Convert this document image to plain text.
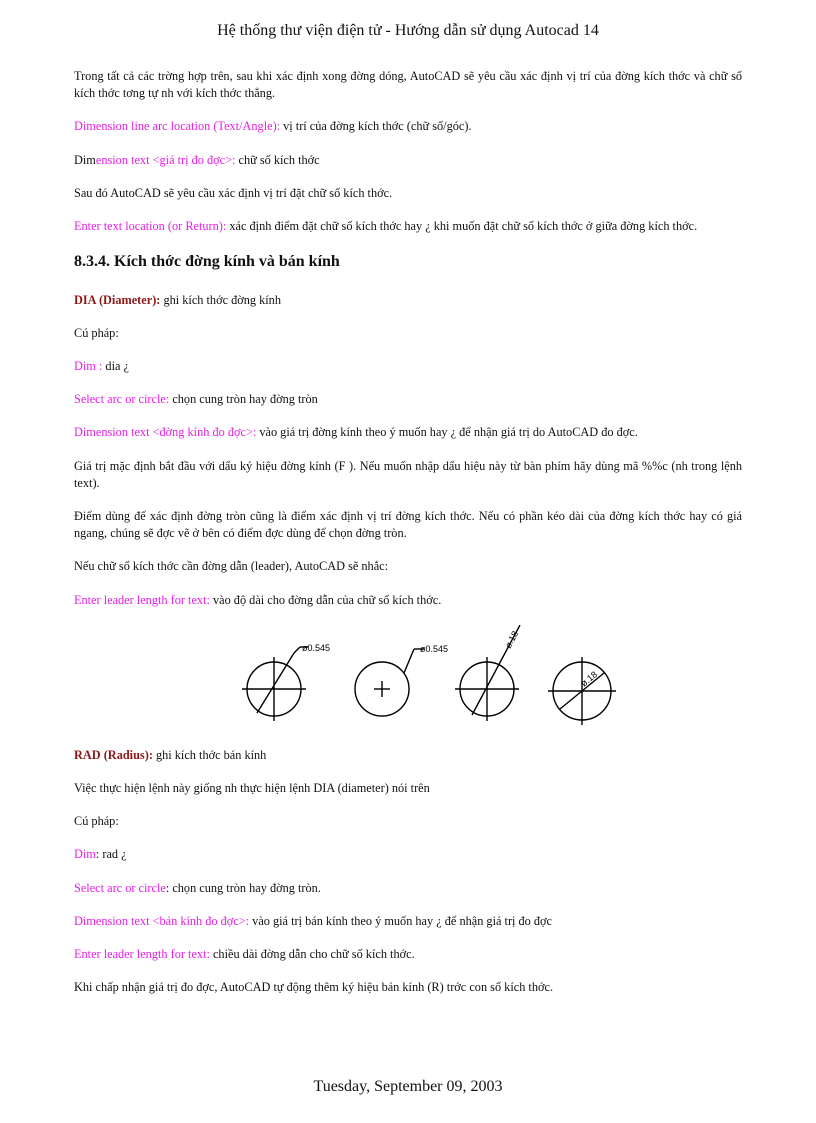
Hệ thống thư viện điện tử - Hướng dẫn sử dụng Autocad 14

Trong tất cả các trờng hợp trên, sau khi xác định xong đờng dóng, AutoCAD sẽ yêu cầu xác định vị trí của đờng kích thớc và chữ số kích thớc tơng tự nh với kích thớc thẳng.

Dimension line arc location (Text/Angle): vị trí của đờng kích thớc (chữ số/góc).

Dimension text <giá trị đo đợc>: chữ số kích thớc

Sau đó AutoCAD sẽ yêu cầu xác định vị trí đặt chữ số kích thớc.

Enter text location (or Return): xác định điểm đặt chữ số kích thớc hay ¿ khi muốn đặt chữ số kích thớc ở giữa đờng kích thớc.

8.3.4. Kích thớc đờng kính và bán kính

DIA (Diameter): ghi kích thớc đờng kính

Cú pháp:

Dim : dia ¿

Select arc or circle: chọn cung tròn hay đờng tròn

Dimension text <đờng kính đo đợc>: vào giá trị đờng kính theo ý muốn hay ¿ để nhận giá trị do AutoCAD đo đợc.

Giá trị mặc định bắt đầu với dấu ký hiệu đờng kính (F ). Nếu muốn nhập dấu hiệu này từ bàn phím hãy dùng mã %%c (nh trong lệnh text).

Điểm dùng để xác định đờng tròn cũng là điểm xác định vị trí đờng kích thớc. Nếu có phần kéo dài của đờng kích thớc hay có giá ngang, chúng sẽ đợc vẽ ở bên có điểm đợc dùng để chọn đờng tròn.

Nếu chữ số kích thớc cần đờng dẫn (leader), AutoCAD sẽ nhắc:

Enter leader length for text: vào độ dài cho đờng dẫn của chữ số kích thớc.

ø0.545	ø0.545	ø.18
ø.18

RAD (Radius): ghi kích thớc bán kính

Việc thực hiện lệnh này giống nh thực hiện lệnh DIA (diameter) nói trên

Cú pháp:

Dim: rad ¿

Select arc or circle: chọn cung tròn hay đờng tròn.

Dimension text <bán kính đo đợc>: vào giá trị bán kính theo ý muốn hay ¿ để nhận giá trị đo đợc

Enter leader length for text: chiều dài đờng dẫn cho chữ số kích thớc.

Khi chấp nhận giá trị đo đợc, AutoCAD tự động thêm ký hiệu bán kính (R) trớc con số kích thớc.

Tuesday, September 09, 2003
